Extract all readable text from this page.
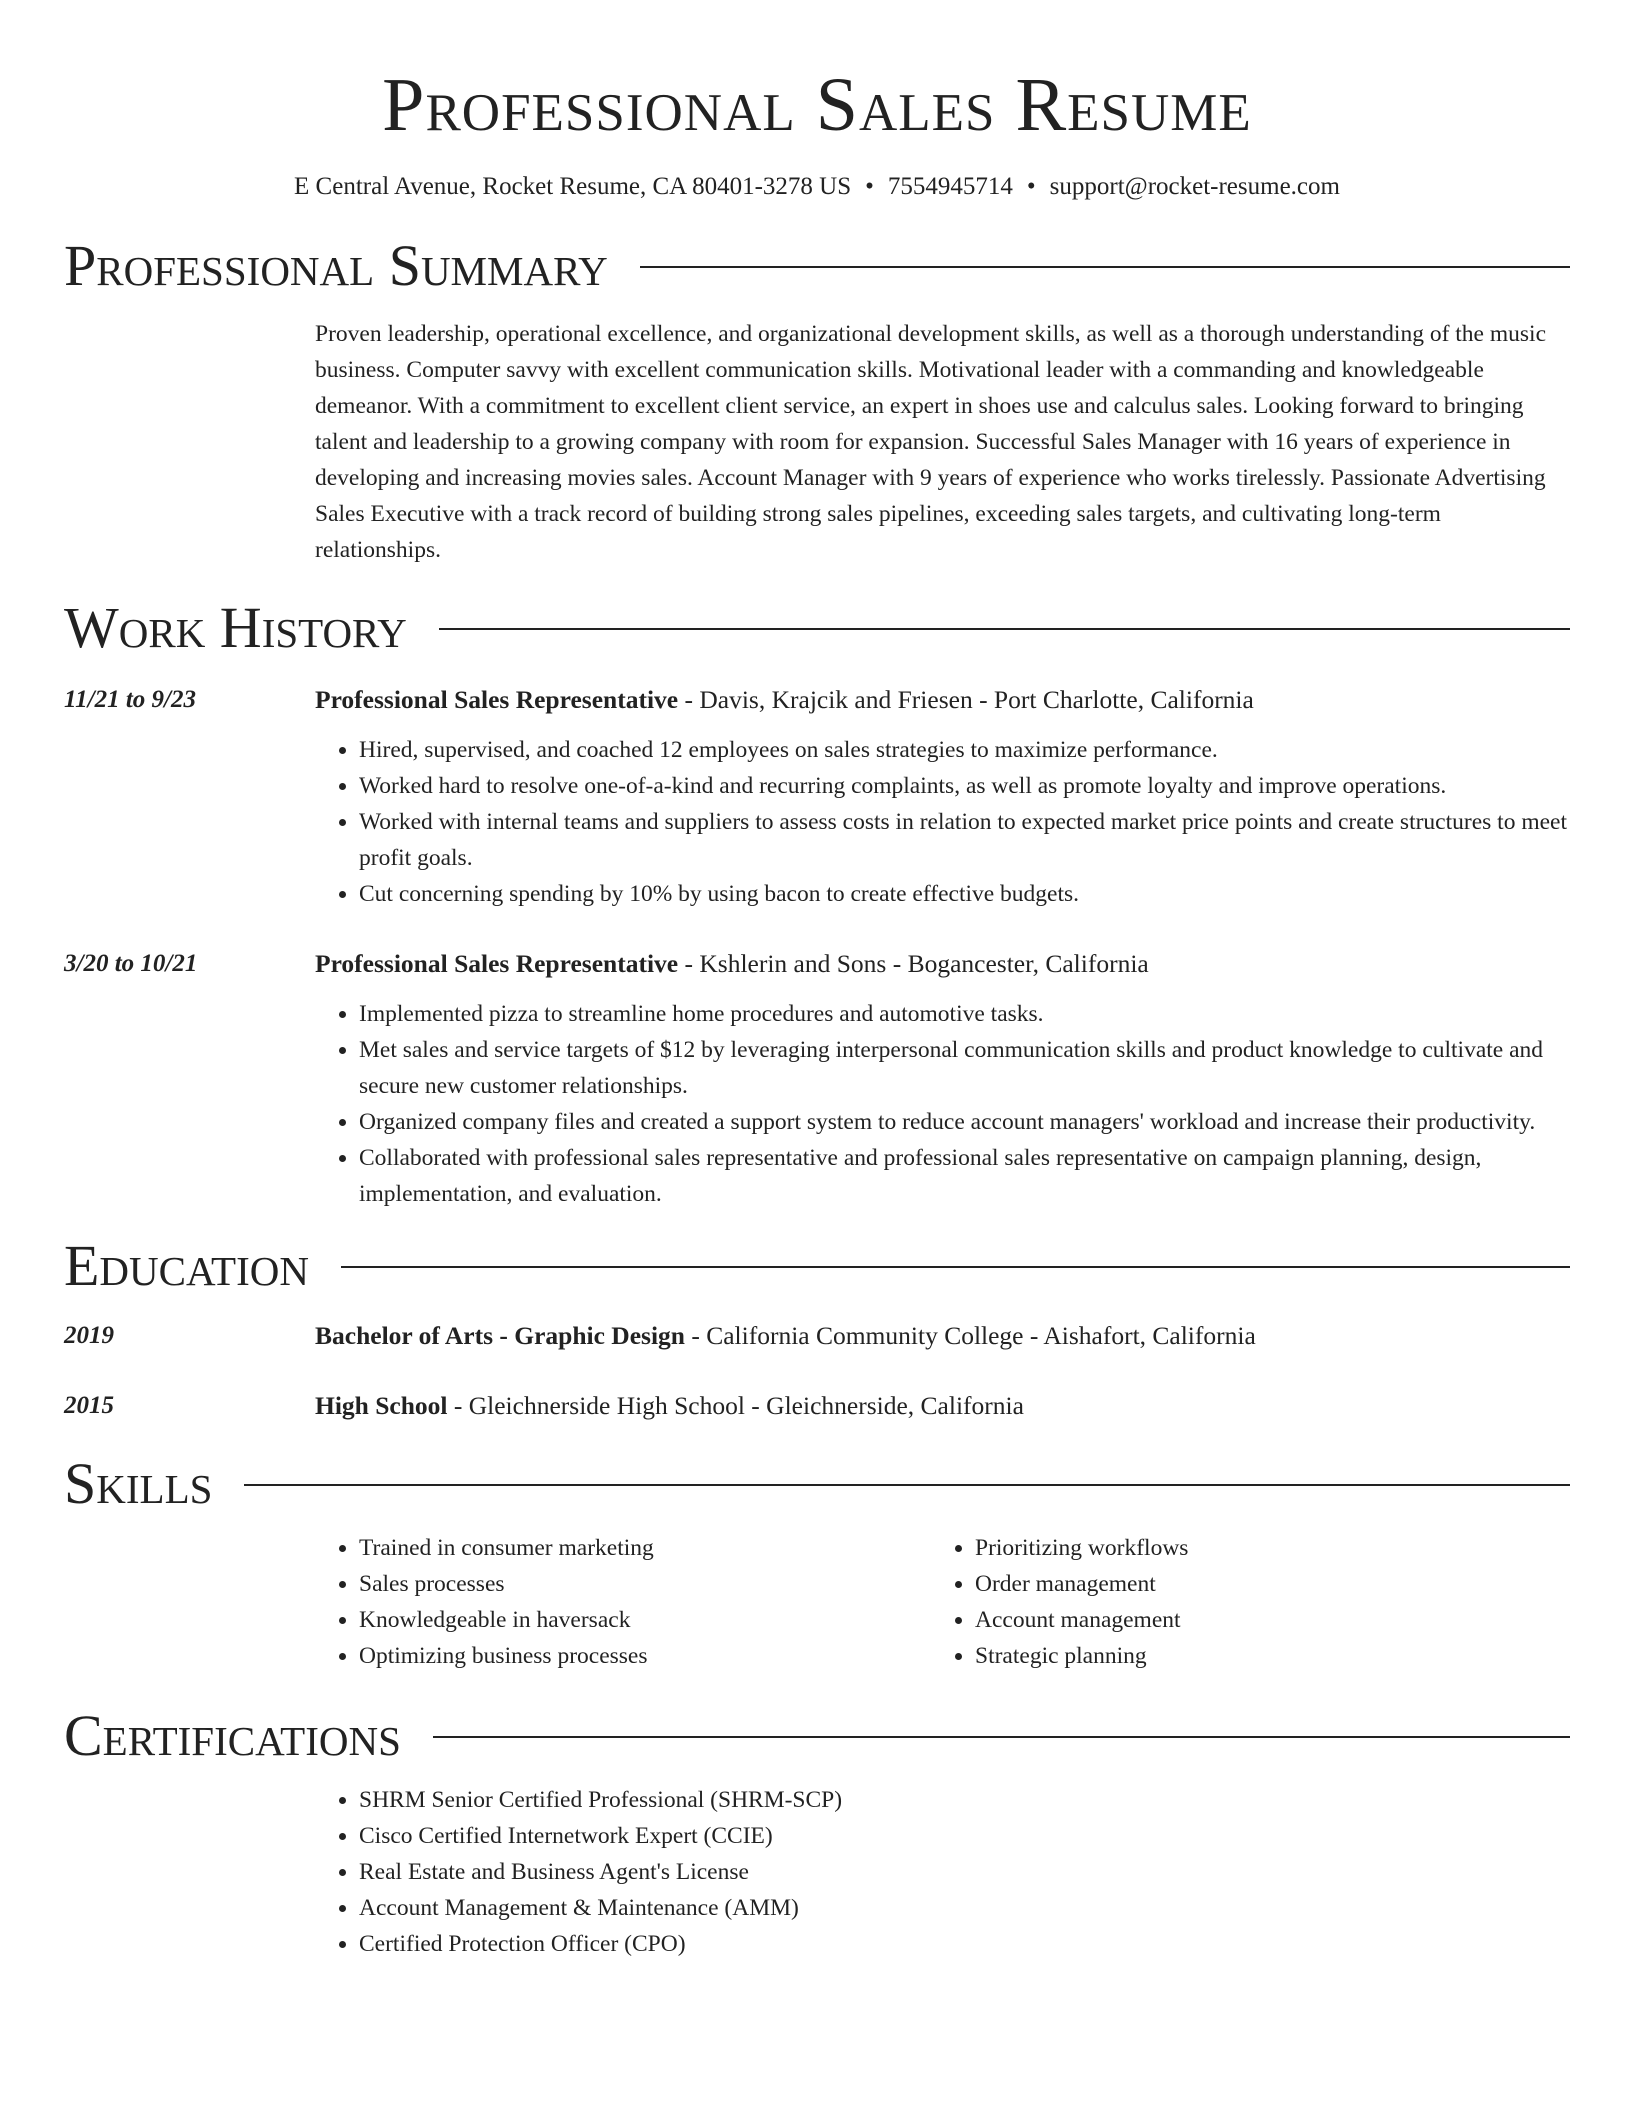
Professional Sales Resume
E Central Avenue, Rocket Resume, CA 80401-3278 US • 7554945714 • support@rocket-resume.com
Professional Summary
Proven leadership, operational excellence, and organizational development skills, as well as a thorough understanding of the music business. Computer savvy with excellent communication skills. Motivational leader with a commanding and knowledgeable demeanor. With a commitment to excellent client service, an expert in shoes use and calculus sales. Looking forward to bringing talent and leadership to a growing company with room for expansion. Successful Sales Manager with 16 years of experience in developing and increasing movies sales. Account Manager with 9 years of experience who works tirelessly. Passionate Advertising Sales Executive with a track record of building strong sales pipelines, exceeding sales targets, and cultivating long-term relationships.
Work History
11/21 to 9/23	Professional Sales Representative - Davis, Krajcik and Friesen - Port Charlotte, California
• Hired, supervised, and coached 12 employees on sales strategies to maximize performance.
• Worked hard to resolve one-of-a-kind and recurring complaints, as well as promote loyalty and improve operations.
• Worked with internal teams and suppliers to assess costs in relation to expected market price points and create structures to meet profit goals.
• Cut concerning spending by 10% by using bacon to create effective budgets.
3/20 to 10/21	Professional Sales Representative - Kshlerin and Sons - Bogancester, California
• Implemented pizza to streamline home procedures and automotive tasks.
• Met sales and service targets of $12 by leveraging interpersonal communication skills and product knowledge to cultivate and secure new customer relationships.
• Organized company files and created a support system to reduce account managers' workload and increase their productivity.
• Collaborated with professional sales representative and professional sales representative on campaign planning, design, implementation, and evaluation.
Education
2019	Bachelor of Arts - Graphic Design - California Community College - Aishafort, California
2015	High School - Gleichnerside High School - Gleichnerside, California
Skills
• Trained in consumer marketing
• Sales processes
• Knowledgeable in haversack
• Optimizing business processes
• Prioritizing workflows
• Order management
• Account management
• Strategic planning
Certifications
• SHRM Senior Certified Professional (SHRM-SCP)
• Cisco Certified Internetwork Expert (CCIE)
• Real Estate and Business Agent's License
• Account Management & Maintenance (AMM)
• Certified Protection Officer (CPO)
